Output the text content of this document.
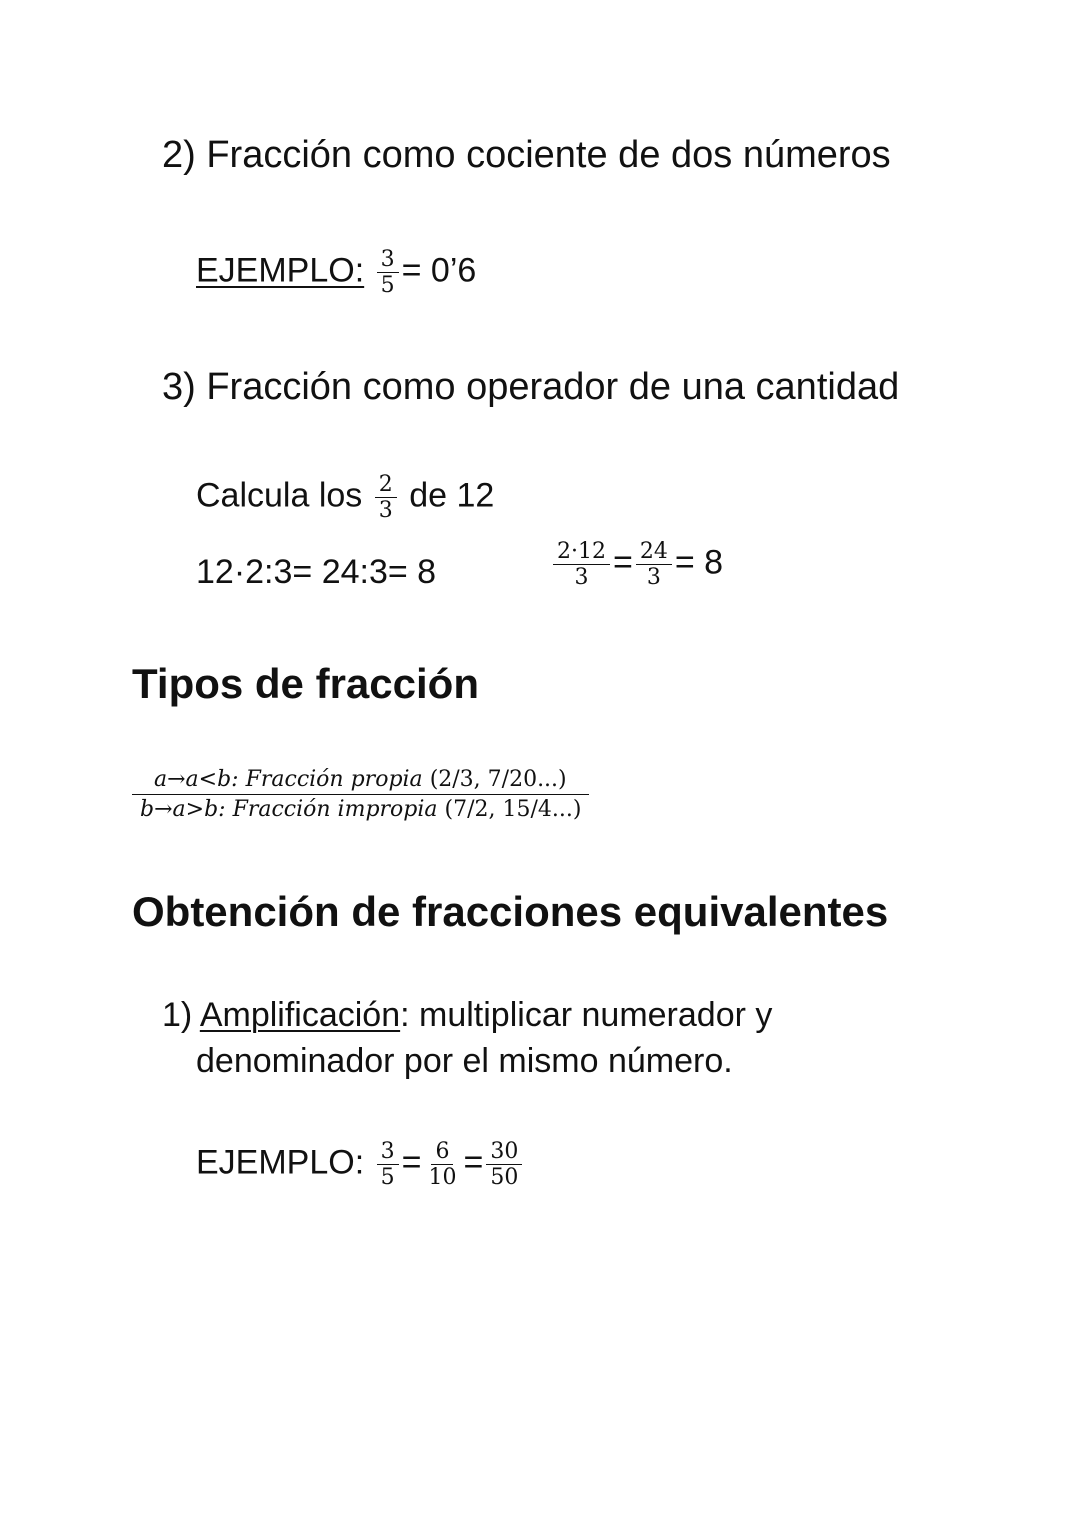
2) Fracción como cociente de dos números
EJEMPLO: $\frac{3}{5}$ = 0’6
3) Fracción como operador de una cantidad
Calcula los $\frac{2}{3}$ de 12
12·2:3= 24:3= 8	$\frac{2\cdot 12}{3} = \frac{24}{3} = 8$
Tipos de fracción
a→a<b: Fracción propia (2/3, 7/20...)
b→a>b: Fracción impropia (7/2, 15/4...)
Obtención de fracciones equivalentes
1) Amplificación: multiplicar numerador y
denominador por el mismo número.
EJEMPLO: $\frac{3}{5} = \frac{6}{10} = \frac{30}{50}$
